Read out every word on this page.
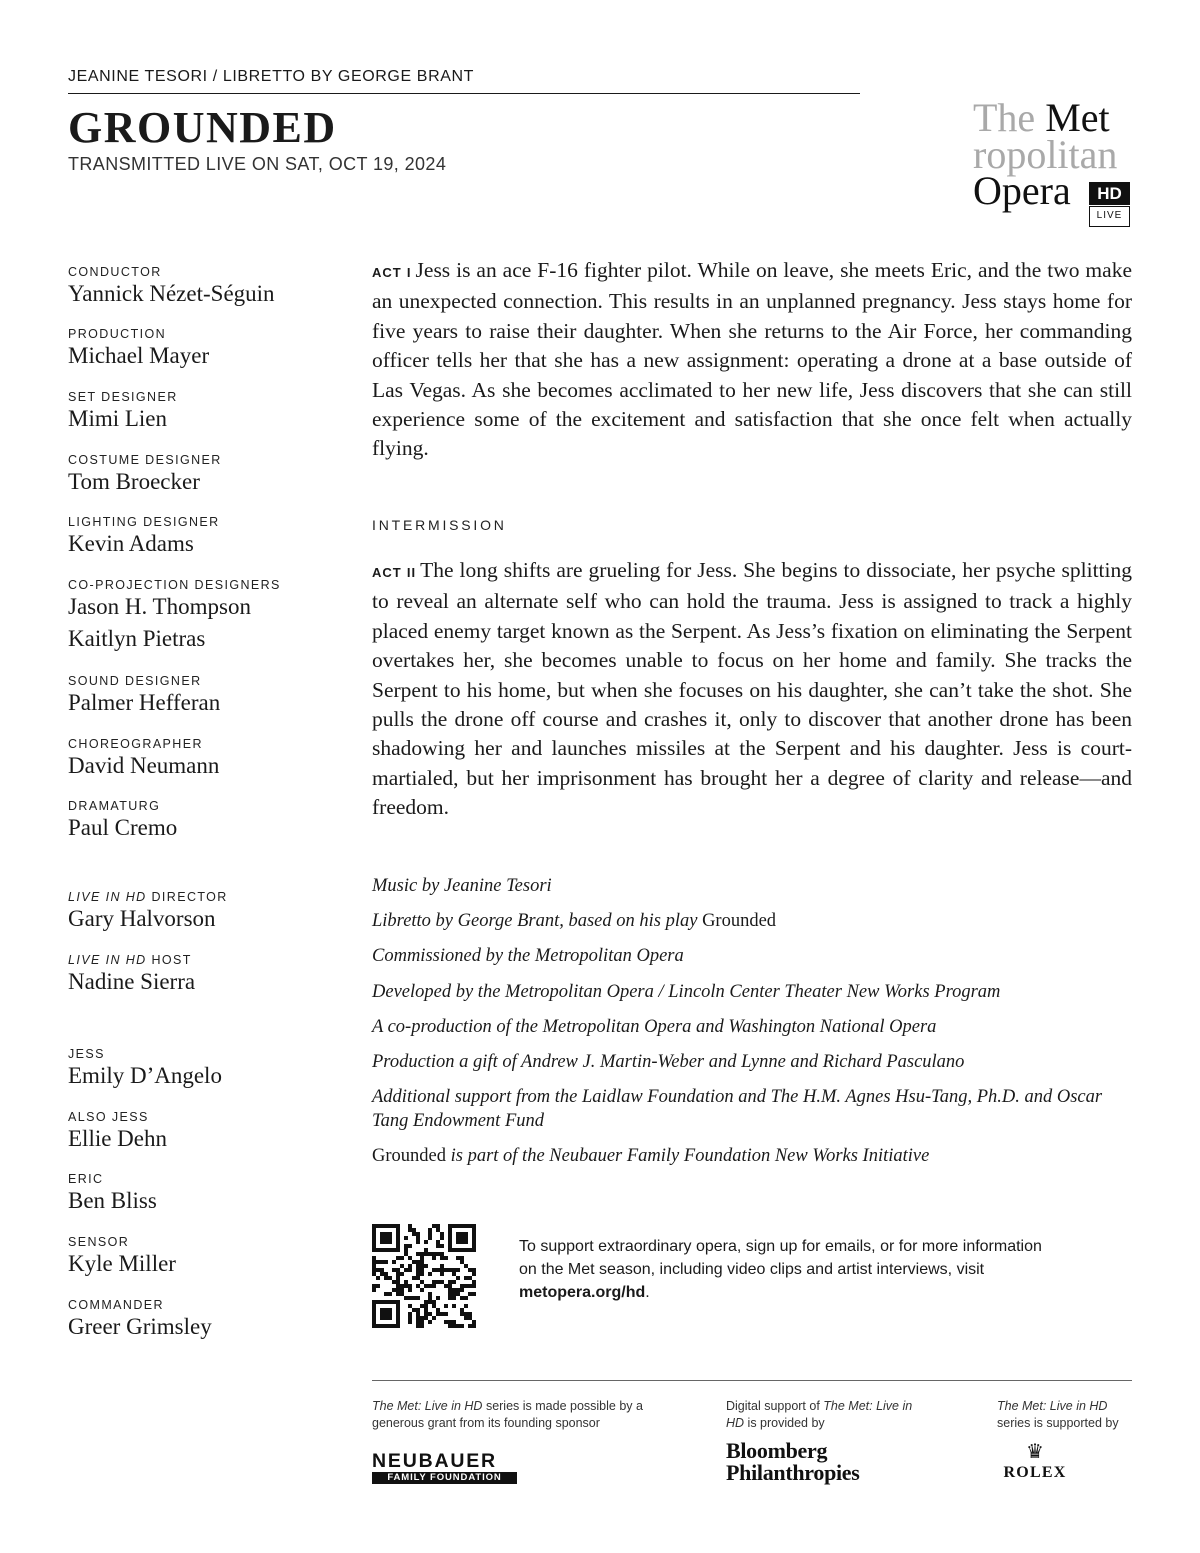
JEANINE TESORI / LIBRETTO BY GEORGE BRANT
GROUNDED
TRANSMITTED LIVE ON SAT, OCT 19, 2024
The Met
ropolitan
Opera	HD
LIVE
CONDUCTOR
Yannick Nézet-Séguin
PRODUCTION
Michael Mayer
SET DESIGNER
Mimi Lien
COSTUME DESIGNER
Tom Broecker
LIGHTING DESIGNER
Kevin Adams
CO-PROJECTION DESIGNERS
Jason H. Thompson
Kaitlyn Pietras
SOUND DESIGNER
Palmer Hefferan
CHOREOGRAPHER
David Neumann
DRAMATURG
Paul Cremo
LIVE IN HD DIRECTOR
Gary Halvorson
LIVE IN HD HOST
Nadine Sierra
JESS
Emily D’Angelo
ALSO JESS
Ellie Dehn
ERIC
Ben Bliss
SENSOR
Kyle Miller
COMMANDER
Greer Grimsley
ACT I Jess is an ace F-16 fighter pilot. While on leave, she meets Eric, and the two make an unexpected connection. This results in an unplanned pregnancy. Jess stays home for five years to raise their daughter. When she returns to the Air Force, her commanding officer tells her that she has a new assignment: operating a drone at a base outside of Las Vegas. As she becomes acclimated to her new life, Jess discovers that she can still experience some of the excitement and satisfaction that she once felt when actually flying.
INTERMISSION
ACT II The long shifts are grueling for Jess. She begins to dissociate, her psyche splitting to reveal an alternate self who can hold the trauma. Jess is assigned to track a highly placed enemy target known as the Serpent. As Jess’s fixation on eliminating the Serpent overtakes her, she becomes unable to focus on her home and family. She tracks the Serpent to his home, but when she focuses on his daughter, she can’t take the shot. She pulls the drone off course and crashes it, only to discover that another drone has been shadowing her and launches missiles at the Serpent and his daughter. Jess is court-martialed, but her imprisonment has brought her a degree of clarity and release—and freedom.
Music by Jeanine Tesori
Libretto by George Brant, based on his play Grounded
Commissioned by the Metropolitan Opera
Developed by the Metropolitan Opera / Lincoln Center Theater New Works Program
A co-production of the Metropolitan Opera and Washington National Opera
Production a gift of Andrew J. Martin-Weber and Lynne and Richard Pasculano
Additional support from the Laidlaw Foundation and The H.M. Agnes Hsu-Tang, Ph.D. and Oscar Tang Endowment Fund
Grounded is part of the Neubauer Family Foundation New Works Initiative
To support extraordinary opera, sign up for emails, or for more information on the Met season, including video clips and artist interviews, visit metopera.org/hd.
The Met: Live in HD series is made possible by a generous grant from its founding sponsor
Digital support of The Met: Live in HD is provided by
The Met: Live in HD series is supported by
NEUBAUER
FAMILY FOUNDATION
Bloomberg
Philanthropies
♛
ROLEX
